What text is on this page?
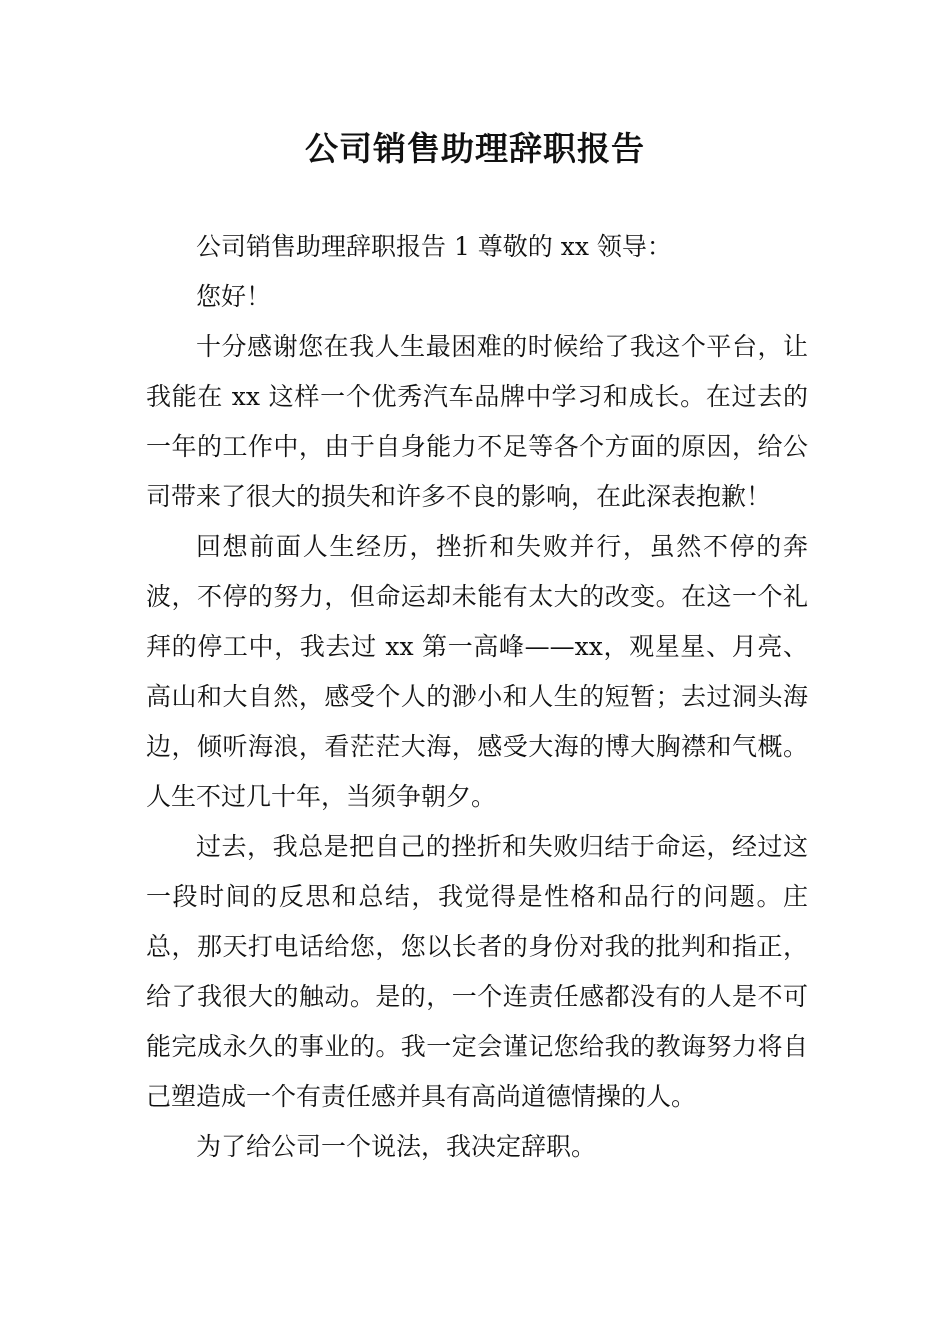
公司销售助理辞职报告

公司销售助理辞职报告 1 尊敬的 xx 领导：

您好！

十分感谢您在我人生最困难的时候给了我这个平台，让我能在 xx 这样一个优秀汽车品牌中学习和成长。在过去的一年的工作中，由于自身能力不足等各个方面的原因，给公司带来了很大的损失和许多不良的影响，在此深表抱歉！

回想前面人生经历，挫折和失败并行，虽然不停的奔波，不停的努力，但命运却未能有太大的改变。在这一个礼拜的停工中，我去过 xx 第一高峰——xx，观星星、月亮、高山和大自然，感受个人的渺小和人生的短暂；去过洞头海边，倾听海浪，看茫茫大海，感受大海的博大胸襟和气概。人生不过几十年，当须争朝夕。

过去，我总是把自己的挫折和失败归结于命运，经过这一段时间的反思和总结，我觉得是性格和品行的问题。庄总，那天打电话给您，您以长者的身份对我的批判和指正，给了我很大的触动。是的，一个连责任感都没有的人是不可能完成永久的事业的。我一定会谨记您给我的教诲努力将自己塑造成一个有责任感并具有高尚道德情操的人。

为了给公司一个说法，我决定辞职。
